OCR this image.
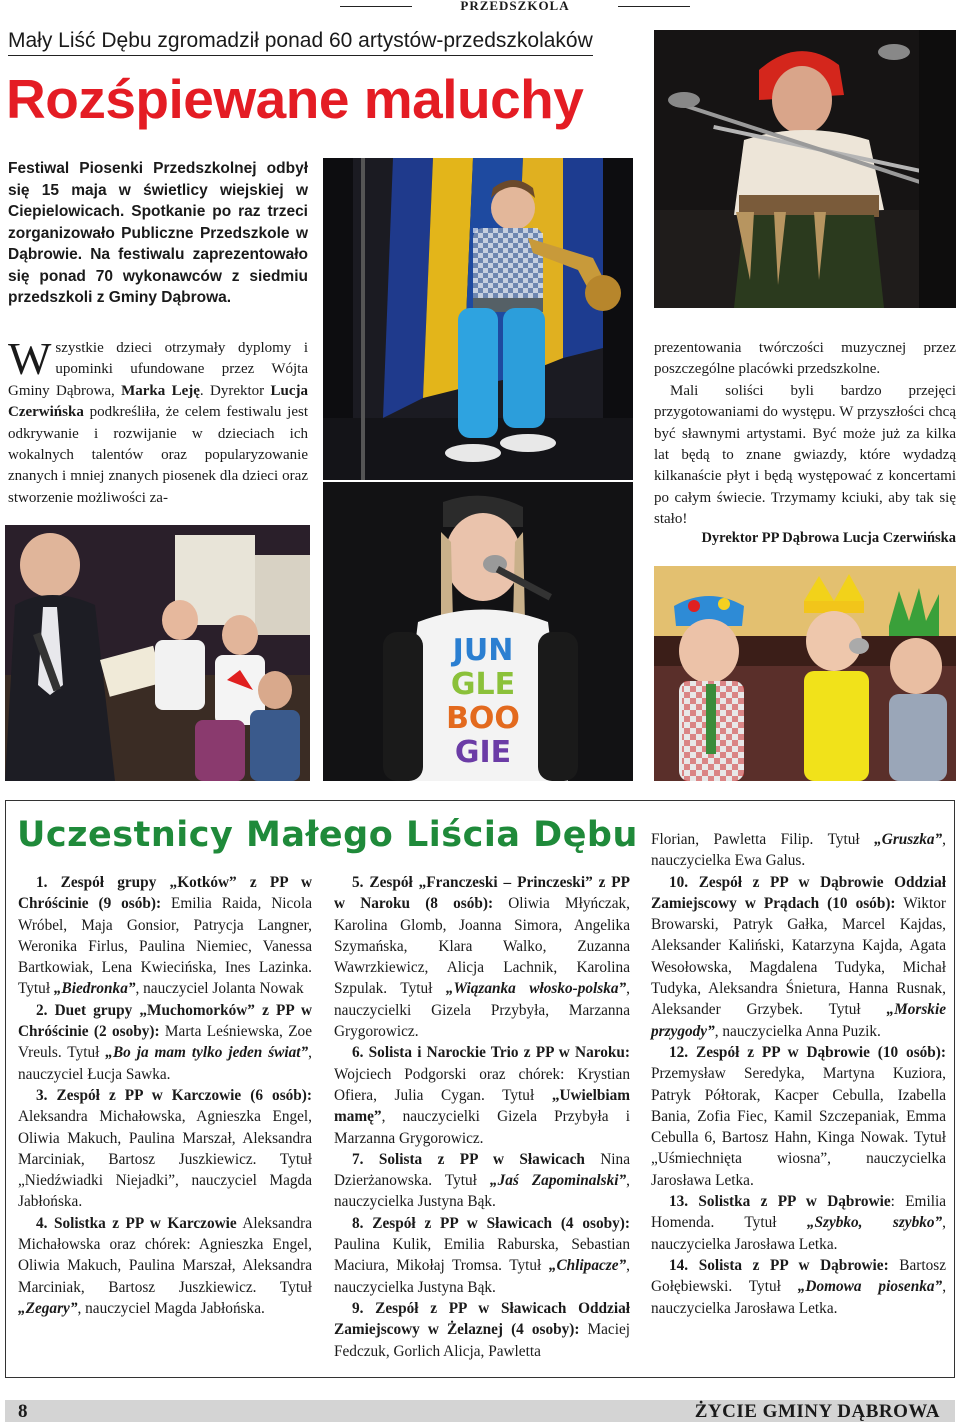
PRZEDSZKOLA
Mały Liść Dębu zgromadził ponad 60 artystów-przedszkolaków
Rozśpiewane maluchy
Festiwal Piosenki Przedszkolnej odbył się 15 maja w świetlicy wiejskiej w Ciepielowicach. Spotkanie po raz trzeci zorganizowało Publiczne Przedszkole w Dąbrowie. Na festiwalu zaprezentowało się ponad 70 wykonawców z siedmiu przedszkoli z Gminy Dąbrowa.
Wszystkie dzieci otrzymały dyplomy i upominki ufundowane przez Wójta Gminy Dąbrowa, Marka Leję. Dyrektor Lucja Czerwińska podkreśliła, że celem festiwalu jest odkrywanie i rozwijanie w dzieciach ich wokalnych talentów oraz popularyzowanie znanych i mniej znanych piosenek dla dzieci oraz stworzenie możliwości za-
prezentowania twórczości muzycznej przez poszczególne placówki przedszkolne.
Mali soliści byli bardzo przejęci przygotowaniami do występu. W przyszłości chcą być sławnymi artystami. Być może już za kilka lat będą to znane gwiazdy, które wydadzą kilkanaście płyt i będą występować z koncertami po całym świecie. Trzymamy kciuki, aby tak się stało!
Dyrektor PP Dąbrowa Lucja Czerwińska
JUN
GLE
BOO
GIE
Uczestnicy Małego Liścia Dębu

1. Zespół grupy „Kotków” z PP w Chróścinie (9 osób): Emilia Raida, Nicola Wróbel, Maja Gonsior, Patrycja Langner, Weronika Firlus, Paulina Niemiec, Vanessa Bartkowiak, Lena Kwiecińska, Ines Lazinka. Tytuł „Biedronka”, nauczyciel Jolanta Nowak

2. Duet grupy „Muchomorków” z PP w Chróścinie (2 osoby): Marta Leśniewska, Zoe Vreuls. Tytuł „Bo ja mam tylko jeden świat”, nauczyciel Łucja Sawka.

3. Zespół z PP w Karczowie (6 osób): Aleksandra Michałowska, Agnieszka Engel, Oliwia Makuch, Paulina Marszał, Aleksandra Marciniak, Bartosz Juszkiewicz. Tytuł „Niedźwiadki Niejadki”, nauczyciel Magda Jabłońska.

4. Solistka z PP w Karczowie Aleksandra Michałowska oraz chórek: Agnieszka Engel, Oliwia Makuch, Paulina Marszał, Aleksandra Marciniak, Bartosz Juszkiewicz. Tytuł „Zegary”, nauczyciel Magda Jabłońska.

5. Zespół „Franczeski – Princzeski” z PP w Naroku (8 osób): Oliwia Młyńczak, Karolina Glomb, Joanna Simora, Angelika Szymańska, Klara Walko, Zuzanna Wawrzkiewicz, Alicja Lachnik, Karolina Szpulak. Tytuł „Wiązanka włosko-polska”, nauczycielki Gizela Przybyła, Marzanna Grygorowicz.

6. Solista i Narockie Trio z PP w Naroku: Wojciech Podgorski oraz chórek: Krystian Ofiera, Julia Cygan. Tytuł „Uwielbiam mamę”, nauczycielki Gizela Przybyła i Marzanna Grygorowicz.

7. Solista z PP w Sławicach Nina Dzierżanowska. Tytuł „Jaś Zapominalski”, nauczycielka Justyna Bąk.

8. Zespół z PP w Sławicach (4 osoby): Paulina Kulik, Emilia Raburska, Sebastian Maciura, Mikołaj Tromsa. Tytuł „Chlipacze”, nauczycielka Justyna Bąk.

9. Zespół z PP w Sławicach Oddział Zamiejscowy w Żelaznej (4 osoby): Maciej Fedczuk, Gorlich Alicja, Pawletta

Florian, Pawletta Filip. Tytuł „Gruszka”, nauczycielka Ewa Galus.

10. Zespół z PP w Dąbrowie Oddział Zamiejscowy w Prądach (10 osób): Wiktor Browarski, Patryk Gałka, Marcel Kajdas, Aleksander Kaliński, Katarzyna Kajda, Agata Wesołowska, Magdalena Tudyka, Michał Tudyka, Aleksandra Śnietura, Hanna Rusnak, Aleksander Grzybek. Tytuł „Morskie przygody”, nauczycielka Anna Puzik.

12. Zespół z PP w Dąbrowie (10 osób): Przemysław Seredyka, Martyna Kuziora, Patryk Półtorak, Kacper Cebulla, Izabella Bania, Zofia Fiec, Kamil Szczepaniak, Emma Cebulla 6, Bartosz Hahn, Kinga Nowak. Tytuł „Uśmiechnięta wiosna”, nauczycielka Jarosława Letka.

13. Solistka z PP w Dąbrowie: Emilia Homenda. Tytuł „Szybko, szybko”, nauczycielka Jarosława Letka.

14. Solista z PP w Dąbrowie: Bartosz Gołębiewski. Tytuł „Domowa piosenka”, nauczycielka Jarosława Letka.

8	ŻYCIE GMINY DĄBROWA
